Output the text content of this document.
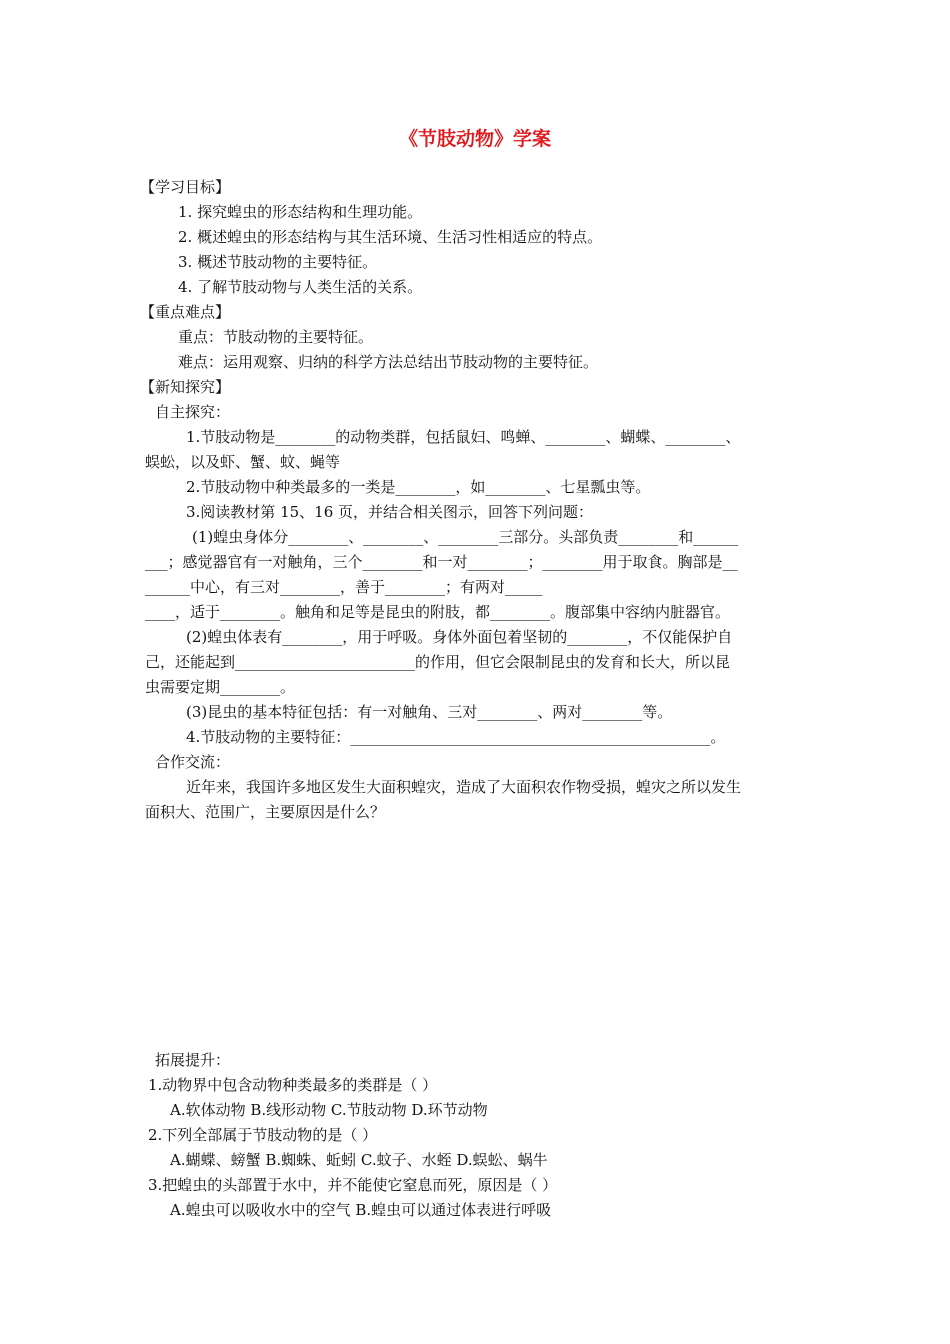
《节肢动物》学案
【学习目标】
1. 探究蝗虫的形态结构和生理功能。
2. 概述蝗虫的形态结构与其生活环境、生活习性相适应的特点。
3. 概述节肢动物的主要特征。
4. 了解节肢动物与人类生活的关系。
【重点难点】
重点：节肢动物的主要特征。
难点：运用观察、归纳的科学方法总结出节肢动物的主要特征。
【新知探究】
自主探究：
1.节肢动物是________的动物类群，包括鼠妇、鸣蝉、________、蝴蝶、________、
蜈蚣，以及虾、蟹、蚊、蝇等
2.节肢动物中种类最多的一类是________，如________、七星瓢虫等。
3.阅读教材第 15、16 页，并结合相关图示，回答下列问题：
(1)蝗虫身体分________、________、________三部分。头部负责________和______
___；感觉器官有一对触角，三个________和一对________；________用于取食。胸部是__
______中心，有三对________，善于________；有两对_____
____，适于________。触角和足等是昆虫的附肢，都________。腹部集中容纳内脏器官。
(2)蝗虫体表有________，用于呼吸。身体外面包着坚韧的________，不仅能保护自
己，还能起到________________________的作用，但它会限制昆虫的发育和长大，所以昆
虫需要定期________。
(3)昆虫的基本特征包括：有一对触角、三对________、两对________等。
4.节肢动物的主要特征：________________________________________________。
合作交流：
近年来，我国许多地区发生大面积蝗灾，造成了大面积农作物受损，蝗灾之所以发生
面积大、范围广，主要原因是什么？
拓展提升：
1.动物界中包含动物种类最多的类群是（ ）
A.软体动物 B.线形动物 C.节肢动物 D.环节动物
2.下列全部属于节肢动物的是（ ）
A.蝴蝶、螃蟹 B.蜘蛛、蚯蚓 C.蚊子、水蛭 D.蜈蚣、蜗牛
3.把蝗虫的头部置于水中，并不能使它窒息而死，原因是（ ）
A.蝗虫可以吸收水中的空气 B.蝗虫可以通过体表进行呼吸
